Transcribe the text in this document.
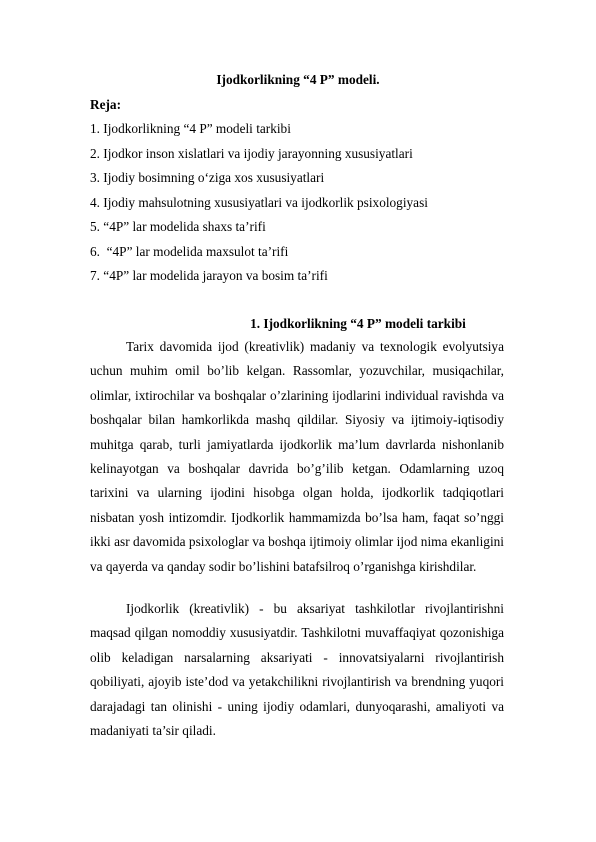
Ijodkorlikning “4 P” modeli.
Reja:
1. Ijodkorlikning “4 P” modeli tarkibi
2. Ijodkor inson xislatlari va ijodiy jarayonning xususiyatlari
3. Ijodiy bosimning o‘ziga xos xususiyatlari
4. Ijodiy mahsulotning xususiyatlari va ijodkorlik psixologiyasi
5. “4P” lar modelida shaxs ta’rifi
6.  “4P” lar modelida maxsulot ta’rifi
7. “4P” lar modelida jarayon va bosim ta’rifi
1. Ijodkorlikning “4 P” modeli tarkibi

Tarix davomida ijod (kreativlik) madaniy va texnologik evolyutsiya uchun muhim omil bo’lib kelgan. Rassomlar, yozuvchilar, musiqachilar, olimlar, ixtirochilar va boshqalar o’zlarining ijodlarini individual ravishda va boshqalar bilan hamkorlikda mashq qildilar. Siyosiy va ijtimoiy-iqtisodiy muhitga qarab, turli jamiyatlarda ijodkorlik ma’lum davrlarda nishonlanib kelinayotgan va boshqalar davrida bo’g’ilib ketgan. Odamlarning uzoq tarixini va ularning ijodini hisobga olgan holda, ijodkorlik tadqiqotlari nisbatan yosh intizomdir. Ijodkorlik hammamizda bo’lsa ham, faqat so’nggi ikki asr davomida psixologlar va boshqa ijtimoiy olimlar ijod nima ekanligini va qayerda va qanday sodir bo’lishini batafsilroq o’rganishga kirishdilar.

Ijodkorlik (kreativlik) - bu aksariyat tashkilotlar rivojlantirishni maqsad qilgan nomoddiy xususiyatdir. Tashkilotni muvaffaqiyat qozonishiga olib keladigan narsalarning aksariyati - innovatsiyalarni rivojlantirish qobiliyati, ajoyib iste’dod va yetakchilikni rivojlantirish va brendning yuqori darajadagi tan olinishi - uning ijodiy odamlari, dunyoqarashi, amaliyoti va madaniyati ta’sir qiladi.
